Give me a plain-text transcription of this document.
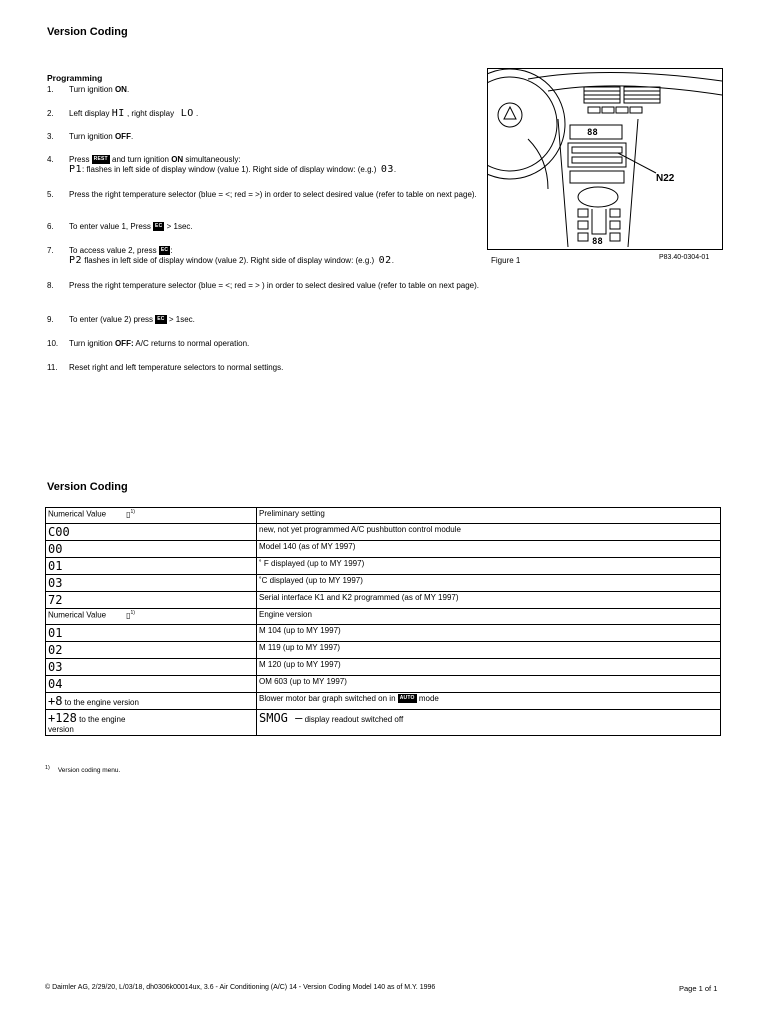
Version Coding
Programming
1. Turn ignition ON.
2. Left display HI , right display   LO .
3. Turn ignition OFF.
4. Press REST and turn ignition ON simultaneously:
P1: flashes in left side of display window (value 1). Right side of display window: (e.g.)  03.
5. Press the right temperature selector (blue = <; red = >) in order to select desired value (refer to table on next page).
6. To enter value 1, Press EC > 1sec.
7. To access value 2, press EC :
P2 flashes in left side of display window (value 2). Right side of display window: (e.g.)  02.
8. Press the right temperature selector (blue = <; red = > ) in order to select desired value (refer to table on next page).
9. To enter (value 2) press EC > 1sec.
10. Turn ignition OFF: A/C returns to normal operation.
11. Reset right and left temperature selectors to normal settings.
88
88
N22
Figure 1	P83.40-0304-01
Version Coding
Numerical Value ▯$^{1)}$	Preliminary setting
C00	new, not yet programmed A/C pushbutton control module
00	Model 140 (as of MY 1997)
01	˚ F displayed (up to MY 1997)
03	˚C displayed (up to MY 1997)
72	Serial interface K1 and K2 programmed (as of MY 1997)
Numerical Value ▯$^{1)}$	Engine version
01	M 104 (up to MY 1997)
02	M 119 (up to MY 1997)
03	M 120 (up to MY 1997)
04	OM 603 (up to MY 1997)
+8 to the engine version	Blower motor bar graph switched on in AUTO mode
+128 to the engine
version	SMOG – display readout switched off
$^{1)}$ Version coding menu.
© Daimler AG, 2/29/20, L/03/18, dh0306k00014ux, 3.6 - Air Conditioning (A/C) 14 - Version Coding Model 140 as of M.Y. 1996	Page 1 of 1
